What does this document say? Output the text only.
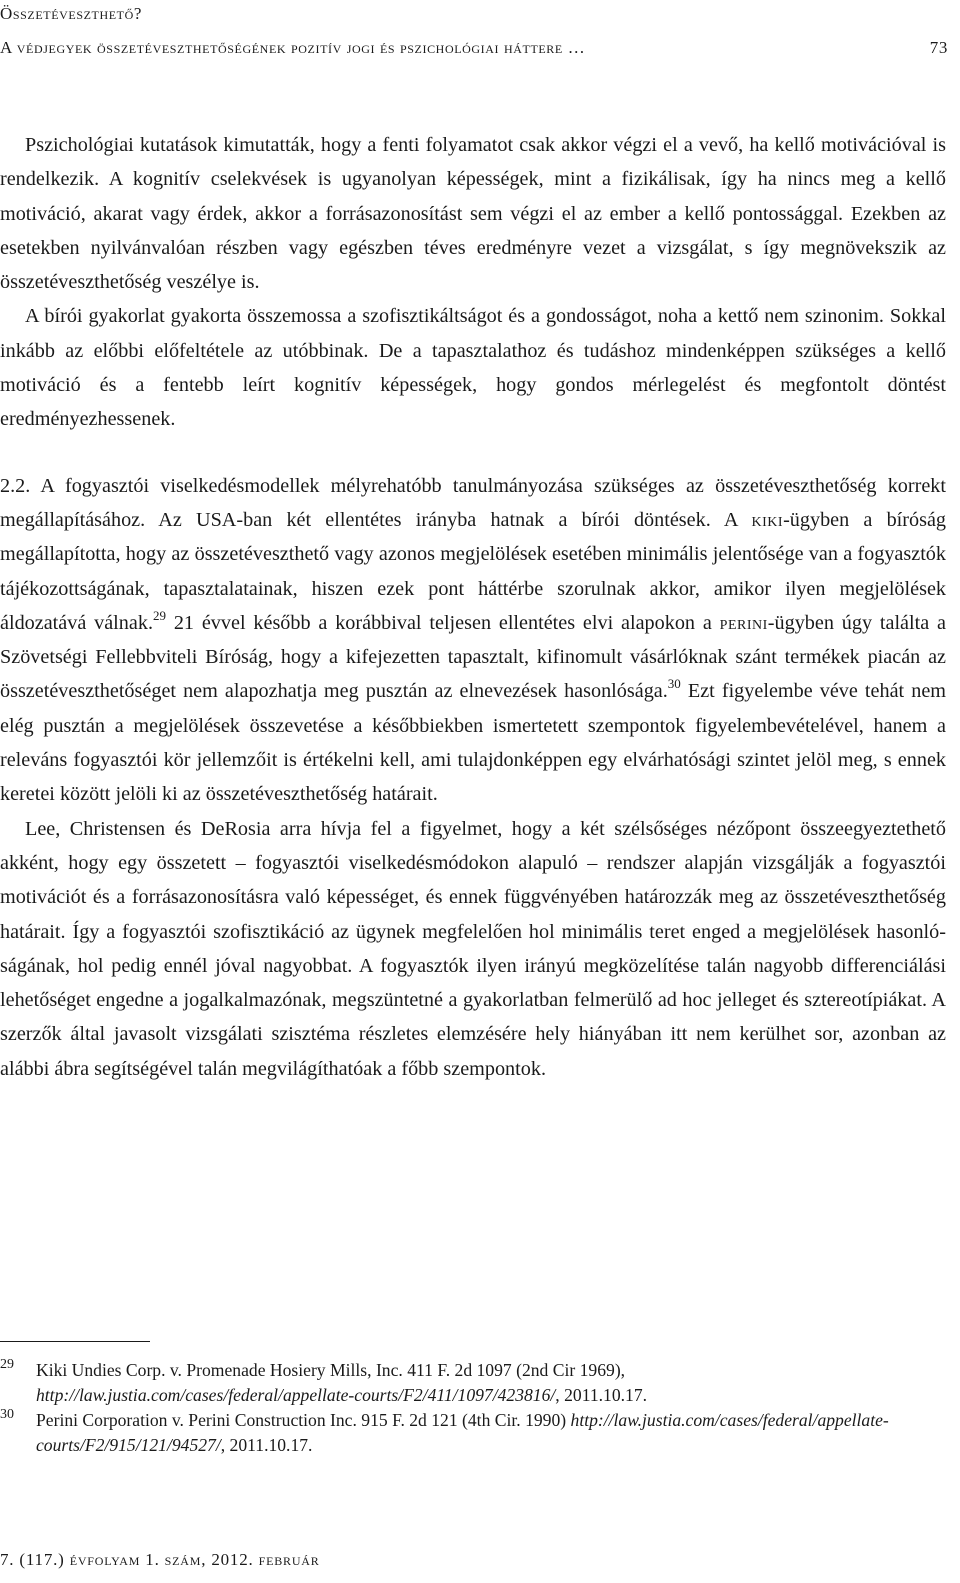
Összetéveszthető?
A védjegyek összetéveszthetőségének pozitív jogi és pszichológiai háttere …	73

Pszichológiai kutatások kimutatták, hogy a fenti folyamatot csak akkor végzi el a vevő, ha kellő motivációval is rendelkezik. A kognitív cselekvések is ugyanolyan képességek, mint a fizikálisak, így ha nincs meg a kellő motiváció, akarat vagy érdek, akkor a forrásazonosítást sem végzi el az ember a kellő pontossággal. Ezekben az esetekben nyilvánvalóan részben vagy egészben téves eredményre vezet a vizsgálat, s így megnövekszik az összetéveszthetőség veszélye is.

A bírói gyakorlat gyakorta összemossa a szofisztikáltságot és a gondosságot, noha a kettő nem szinonim. Sokkal inkább az előbbi előfeltétele az utóbbinak. De a tapasztalathoz és tudáshoz mindenképpen szükséges a kellő motiváció és a fentebb leírt kognitív képességek, hogy gondos mérlegelést és megfontolt döntést eredményezhessenek.

2.2. A fogyasztói viselkedésmodellek mélyrehatóbb tanulmányozása szükséges az összetéveszthetőség korrekt megállapításához. Az USA-ban két ellentétes irányba hatnak a bírói döntések. A kiki-ügyben a bíróság megállapította, hogy az összetéveszthető vagy azonos megjelölések esetében minimális jelentősége van a fogyasztók tájékozottságának, tapasztalatainak, hiszen ezek pont háttérbe szorulnak akkor, amikor ilyen megjelölések áldozatává válnak.$^{29}$ 21 évvel később a korábbival teljesen ellentétes elvi alapokon a perini-ügyben úgy találta a Szövetségi Fellebbviteli Bíróság, hogy a kifejezetten tapasztalt, kifinomult vásárlóknak szánt termékek piacán az összetéveszthetőséget nem alapozhatja meg pusztán az elnevezések hasonlósága.$^{30}$ Ezt figyelembe véve tehát nem elég pusztán a megjelölések összevetése a későbbiekben ismertetett szempontok figyelembevételével, hanem a releváns fogyasztói kör jellemzőit is értékelni kell, ami tulajdonképpen egy elvárhatósági szintet jelöl meg, s ennek keretei között jelöli ki az összetéveszthetőség határait.

Lee, Christensen és DeRosia arra hívja fel a figyelmet, hogy a két szélsőséges nézőpont összeegyeztethető akként, hogy egy összetett – fogyasztói viselkedésmódokon alapuló – rendszer alapján vizsgálják a fogyasztói motivációt és a forrásazonosításra való képességet, és ennek függvényében határozzák meg az összetéveszthetőség határait. Így a fogyasztói szofisztikáció az ügynek megfelelően hol minimális teret enged a megjelölések hasonlóságának, hol pedig ennél jóval nagyobbat. A fogyasztók ilyen irányú megközelítése talán nagyobb differenciálási lehetőséget engedne a jogalkalmazónak, megszüntetné a gyakorlatban felmerülő ad hoc jelleget és sztereotípiákat. A szerzők által javasolt vizsgálati szisztéma részletes elemzésére hely hiányában itt nem kerülhet sor, azonban az alábbi ábra segítségével talán megvilágíthatóak a főbb szempontok.

29 Kiki Undies Corp. v. Promenade Hosiery Mills, Inc. 411 F. 2d 1097 (2nd Cir 1969), http://law.justia.com/cases/federal/appellate-courts/F2/411/1097/423816/, 2011.10.17.
30 Perini Corporation v. Perini Construction Inc. 915 F. 2d 121 (4th Cir. 1990) http://law.justia.com/cases/federal/appellate-courts/F2/915/121/94527/, 2011.10.17.
7. (117.) évfolyam 1. szám, 2012. február
